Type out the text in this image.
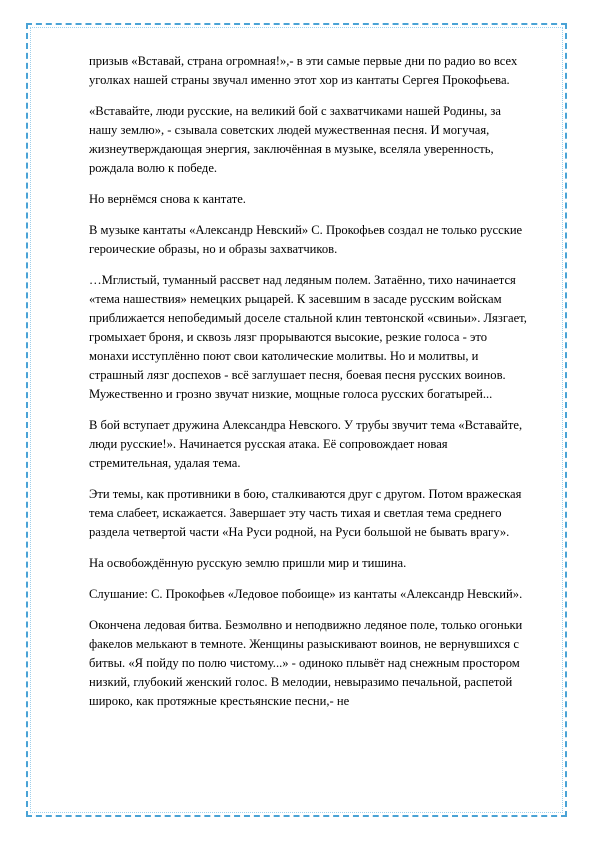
призыв «Вставай, страна огромная!»,- в эти самые первые дни по радио во всех уголках нашей страны звучал именно этот хор из кантаты Сергея Прокофьева.

«Вставайте, люди русские, на великий бой с захватчиками нашей Родины, за нашу землю», - сзывала советских людей мужественная песня. И могучая, жизнеутверждающая энергия, заключённая в музыке, вселяла уверенность, рождала волю к победе.

Но вернёмся снова к кантате.

В музыке кантаты «Александр Невский» С. Прокофьев создал не только русские героические образы, но и образы захватчиков.

…Мглистый, туманный рассвет над ледяным полем. Затаённо, тихо начинается «тема нашествия» немецких рыцарей. К засевшим в засаде русским войскам приближается непобедимый доселе стальной клин тевтонской «свиньи». Лязгает, громыхает броня, и сквозь лязг прорываются высокие, резкие голоса - это монахи исступлённо поют свои католические молитвы. Но и молитвы, и страшный лязг доспехов - всё заглушает песня, боевая песня русских воинов. Мужественно и грозно звучат низкие, мощные голоса русских богатырей...

В бой вступает дружина Александра Невского. У трубы звучит тема «Вставайте, люди русские!». Начинается русская атака. Её сопровождает новая стремительная, удалая тема.

Эти темы, как противники в бою, сталкиваются друг с другом. Потом вражеская тема слабеет, искажается. Завершает эту часть тихая и светлая тема среднего раздела четвертой части «На Руси родной, на Руси большой не бывать врагу».

На освобождённую русскую землю пришли мир и тишина.

Слушание: С. Прокофьев «Ледовое побоище» из кантаты «Александр Невский».

Окончена ледовая битва. Безмолвно и неподвижно ледяное поле, только огоньки факелов мелькают в темноте. Женщины разыскивают воинов, не вернувшихся с битвы. «Я пойду по полю чистому...» - одиноко плывёт над снежным простором низкий, глубокий женский голос. В мелодии, невыразимо печальной, распетой широко, как протяжные крестьянские песни,- не
